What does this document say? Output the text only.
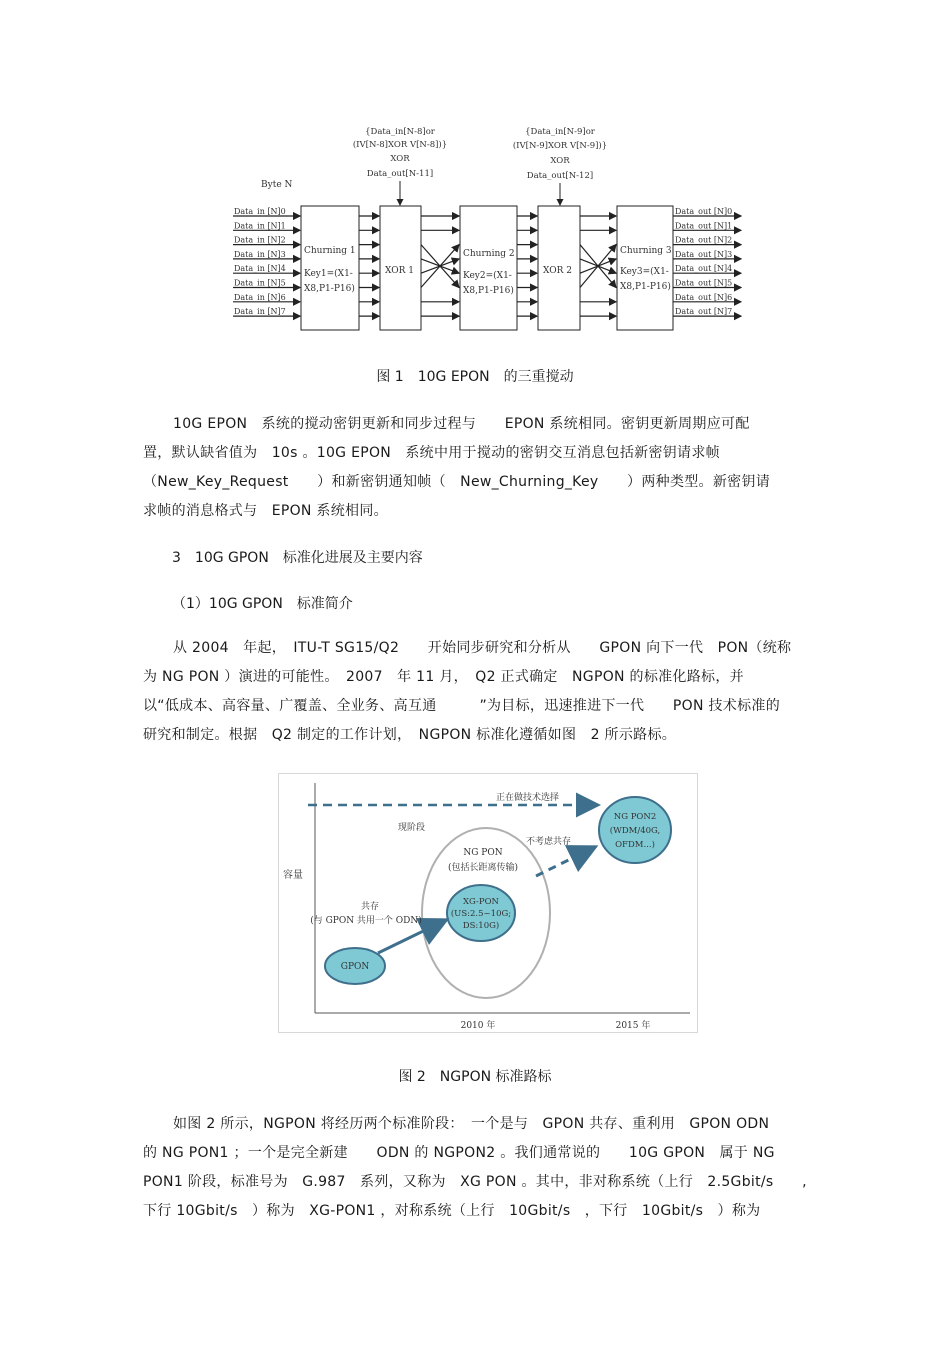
Byte N
Churning 1
Key1=(X1-
X8,P1-P16)
XOR 1
Churning 2
Key2=(X1-
X8,P1-P16)
XOR 2
Churning 3
Key3=(X1-
X8,P1-P16)
{Data_in[N-8]or
(IV[N-8]XOR V[N-8])}
XOR
Data_out[N-11]
{Data_in[N-9]or
(IV[N-9]XOR V[N-9])}
XOR
Data_out[N-12]
Data_in [N]0
Data_in [N]1
Data_in [N]2
Data_in [N]3
Data_in [N]4
Data_in [N]5
Data_in [N]6
Data_in [N]7
Data_out [N]0
Data_out [N]1
Data_out [N]2
Data_out [N]3
Data_out [N]4
Data_out [N]5
Data_out [N]6
Data_out [N]7
图 1　10G EPON　的三重搅动

10G EPON　系统的搅动密钥更新和同步过程与　　EPON 系统相同。密钥更新周期应可配

置，默认缺省值为　10s 。10G EPON　系统中用于搅动的密钥交互消息包括新密钥请求帧

（New_Key_Request　　）和新密钥通知帧（　New_Churning_Key　　）两种类型。新密钥请

求帧的消息格式与　EPON 系统相同。

3　10G GPON　标准化进展及主要内容
（1）10G GPON　标准简介

从 2004　年起，　ITU-T SG15/Q2　　开始同步研究和分析从　　GPON 向下一代　PON（统称

为 NG PON ）演进的可能性。　2007　年 11 月，　Q2 正式确定　NGPON 的标准化路标，并

以“低成本、高容量、广覆盖、全业务、高互通　　　”为目标，迅速推进下一代　　PON 技术标准的

研究和制定。根据　Q2 制定的工作计划，　NGPON 标准化遵循如图　2 所示路标。

容量
2010 年	2015 年
正在做技术选择
现阶段
NG PON
(包括长距离传输)
XG-PON
(US:2.5~10G;
DS:10G)
GPON
共存
(与 GPON 共用一个 ODN)
不考虑共存
NG PON2
(WDM/40G,
OFDM...)
图 2　NGPON 标准路标

如图 2 所示，NGPON 将经历两个标准阶段：　一个是与　GPON 共存、重利用　GPON ODN

的 NG PON1 ；一个是完全新建　　ODN 的 NGPON2 。我们通常说的　　10G GPON　属于 NG

PON1 阶段，标准号为　G.987　系列，又称为　XG PON 。其中，非对称系统（上行　2.5Gbit/s　　,

下行 10Gbit/s　）称为　XG-PON1 ，对称系统（上行　10Gbit/s　，下行　10Gbit/s　）称为
